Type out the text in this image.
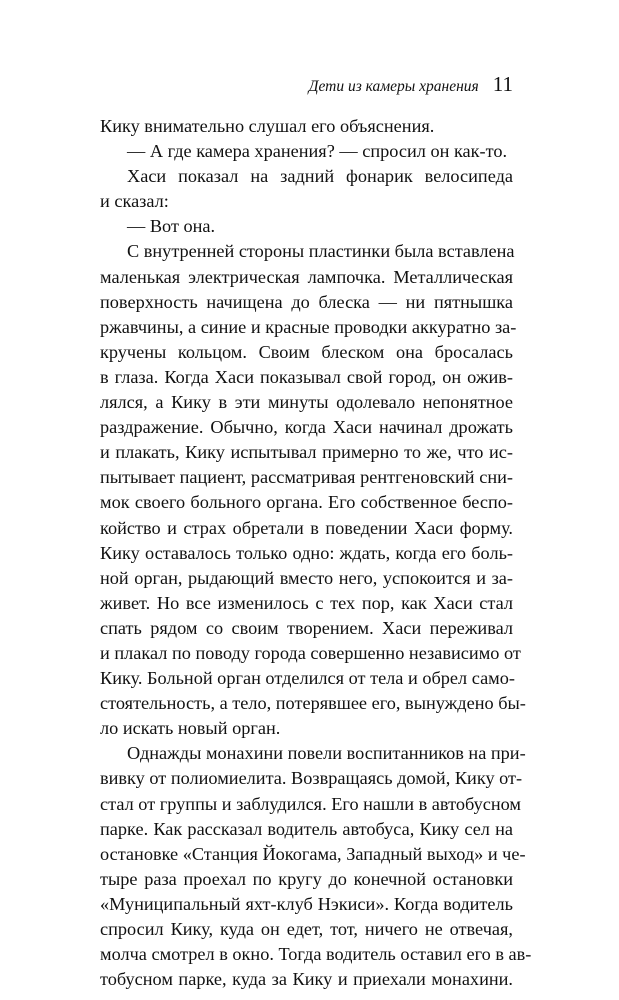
Дети из камеры хранения 11
Кику внимательно слушал его объяснения.
— А где камера хранения? — спросил он как-то.
Хаси показал на задний фонарик велосипеда
и сказал:
— Вот она.
С внутренней стороны пластинки была вставлена
маленькая электрическая лампочка. Металлическая
поверхность начищена до блеска — ни пятнышка
ржавчины, а синие и красные проводки аккуратно за-
кручены кольцом. Своим блеском она бросалась
в глаза. Когда Хаси показывал свой город, он ожив-
лялся, а Кику в эти минуты одолевало непонятное
раздражение. Обычно, когда Хаси начинал дрожать
и плакать, Кику испытывал примерно то же, что ис-
пытывает пациент, рассматривая рентгеновский сни-
мок своего больного органа. Его собственное беспо-
койство и страх обретали в поведении Хаси форму.
Кику оставалось только одно: ждать, когда его боль-
ной орган, рыдающий вместо него, успокоится и за-
живет. Но все изменилось с тех пор, как Хаси стал
спать рядом со своим творением. Хаси переживал
и плакал по поводу города совершенно независимо от
Кику. Больной орган отделился от тела и обрел само-
стоятельность, а тело, потерявшее его, вынуждено бы-
ло искать новый орган.
Однажды монахини повели воспитанников на при-
вивку от полиомиелита. Возвращаясь домой, Кику от-
стал от группы и заблудился. Его нашли в автобусном
парке. Как рассказал водитель автобуса, Кику сел на
остановке «Станция Йокогама, Западный выход» и че-
тыре раза проехал по кругу до конечной остановки
«Муниципальный яхт-клуб Нэкиси». Когда водитель
спросил Кику, куда он едет, тот, ничего не отвечая,
молча смотрел в окно. Тогда водитель оставил его в ав-
тобусном парке, куда за Кику и приехали монахини.
